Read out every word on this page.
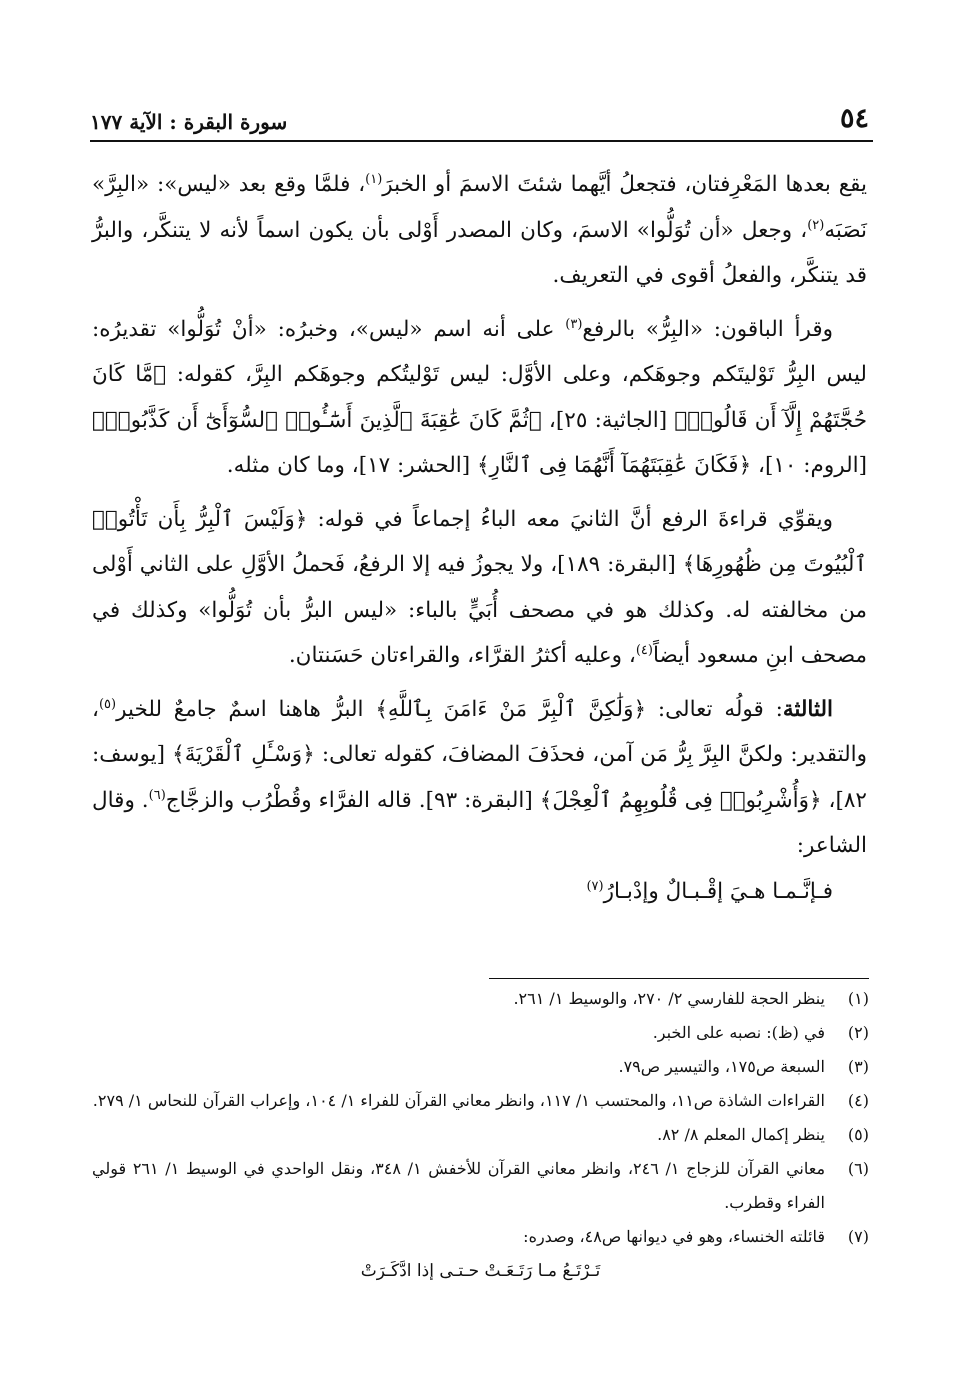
٥٤
سورة البقرة : الآية ١٧٧

يقع بعدها المَعْرِفتان، فتجعلُ أيَّهما شئتَ الاسمَ أو الخبرَ$^{(١)}$، فلمَّا وقع بعد «ليس»: «البِرَّ» نَصَبَه$^{(٢)}$، وجعل «أن تُوَلُّوا» الاسمَ، وكان المصدر أَوْلى بأن يكون اسماً لأنه لا يتنكَّر، والبرُّ قد يتنكَّر، والفعلُ أقوى في التعريف.

وقرأ الباقون: «البِرُّ» بالرفع$^{(٣)}$ على أنه اسم «ليس»، وخبرُه: «أنْ تُوَلُّوا» تقديرُه: ليس البِرُّ تَوْليتَكم وجوهَكم، وعلى الأوَّل: ليس تَوْليتُكم وجوهَكم البِرَّ، كقوله: ﴿مَّا كَانَ حُجَّتَهُمْ إِلَّآ أَن قَالُوا۟﴾ [الجاثية: ٢٥]، ﴿ثُمَّ كَانَ عَٰقِبَةَ ٱلَّذِينَ أَسَٰٓـُٔوا۟ ٱلسُّوٓأَىٰٓ أَن كَذَّبُوا۟﴾ [الروم: ١٠]، ﴿فَكَانَ عَٰقِبَتَهُمَآ أَنَّهُمَا فِى ٱلنَّارِ﴾ [الحشر: ١٧]، وما كان مثله.

ويقوِّي قراءةَ الرفع أنَّ الثانيَ معه الباءُ إجماعاً في قوله: ﴿وَلَيْسَ ٱلْبِرُّ بِأَن تَأْتُوا۟ ٱلْبُيُوتَ مِن ظُهُورِهَا﴾ [البقرة: ١٨٩]، ولا يجوزُ فيه إلا الرفعُ، فَحملُ الأوَّلِ على الثاني أَوْلى من مخالفته له. وكذلك هو في مصحف أُبَيٍّ بالباء: «ليس البرُّ بأن تُوَلُّوا» وكذلك في مصحف ابنِ مسعود أيضاً$^{(٤)}$، وعليه أكثرُ القرَّاء، والقراءتان حَسَنتان.

الثالثة: قولُه تعالى: ﴿وَلَٰكِنَّ ٱلْبِرَّ مَنْ ءَامَنَ بِٱللَّهِ﴾ البرُّ هاهنا اسمٌ جامعٌ للخير$^{(٥)}$، والتقدير: ولكنَّ البِرَّ بِرُّ مَن آمن، فحذَفَ المضافَ، كقوله تعالى: ﴿وَسْـَٔلِ ٱلْقَرْيَةَ﴾ [يوسف: ٨٢]، ﴿وَأُشْرِبُوا۟ فِى قُلُوبِهِمُ ٱلْعِجْلَ﴾ [البقرة: ٩٣]. قاله الفرَّاء وقُطْرُب والزجَّاج$^{(٦)}$. وقال الشاعر:

فـإنَّـمـا هـيَ إقْـبـالٌ وإدْبـارُ$^{(٧)}$

(١)
ينظر الحجة للفارسي ٢/ ٢٧٠، والوسيط ١/ ٢٦١.
(٢)
في (ظ): نصبه على الخبر.
(٣)
السبعة ص١٧٥، والتيسير ص٧٩.
(٤)
القراءات الشاذة ص١١، والمحتسب ١/ ١١٧، وانظر معاني القرآن للفراء ١/ ١٠٤، وإعراب القرآن للنحاس ١/ ٢٧٩.
(٥)
ينظر إكمال المعلم ٨/ ٨٢.
(٦)
معاني القرآن للزجاج ١/ ٢٤٦، وانظر معاني القرآن للأخفش ١/ ٣٤٨، ونقل الواحدي في الوسيط ١/ ٢٦١ قولي الفراء وقطرب.
(٧)
قائلته الخنساء، وهو في ديوانها ص٤٨، وصدره:
تَـرْتَـعُ مـا رَتَـعَـتْ حـتـى إذا ادَّكَـرَتْ
